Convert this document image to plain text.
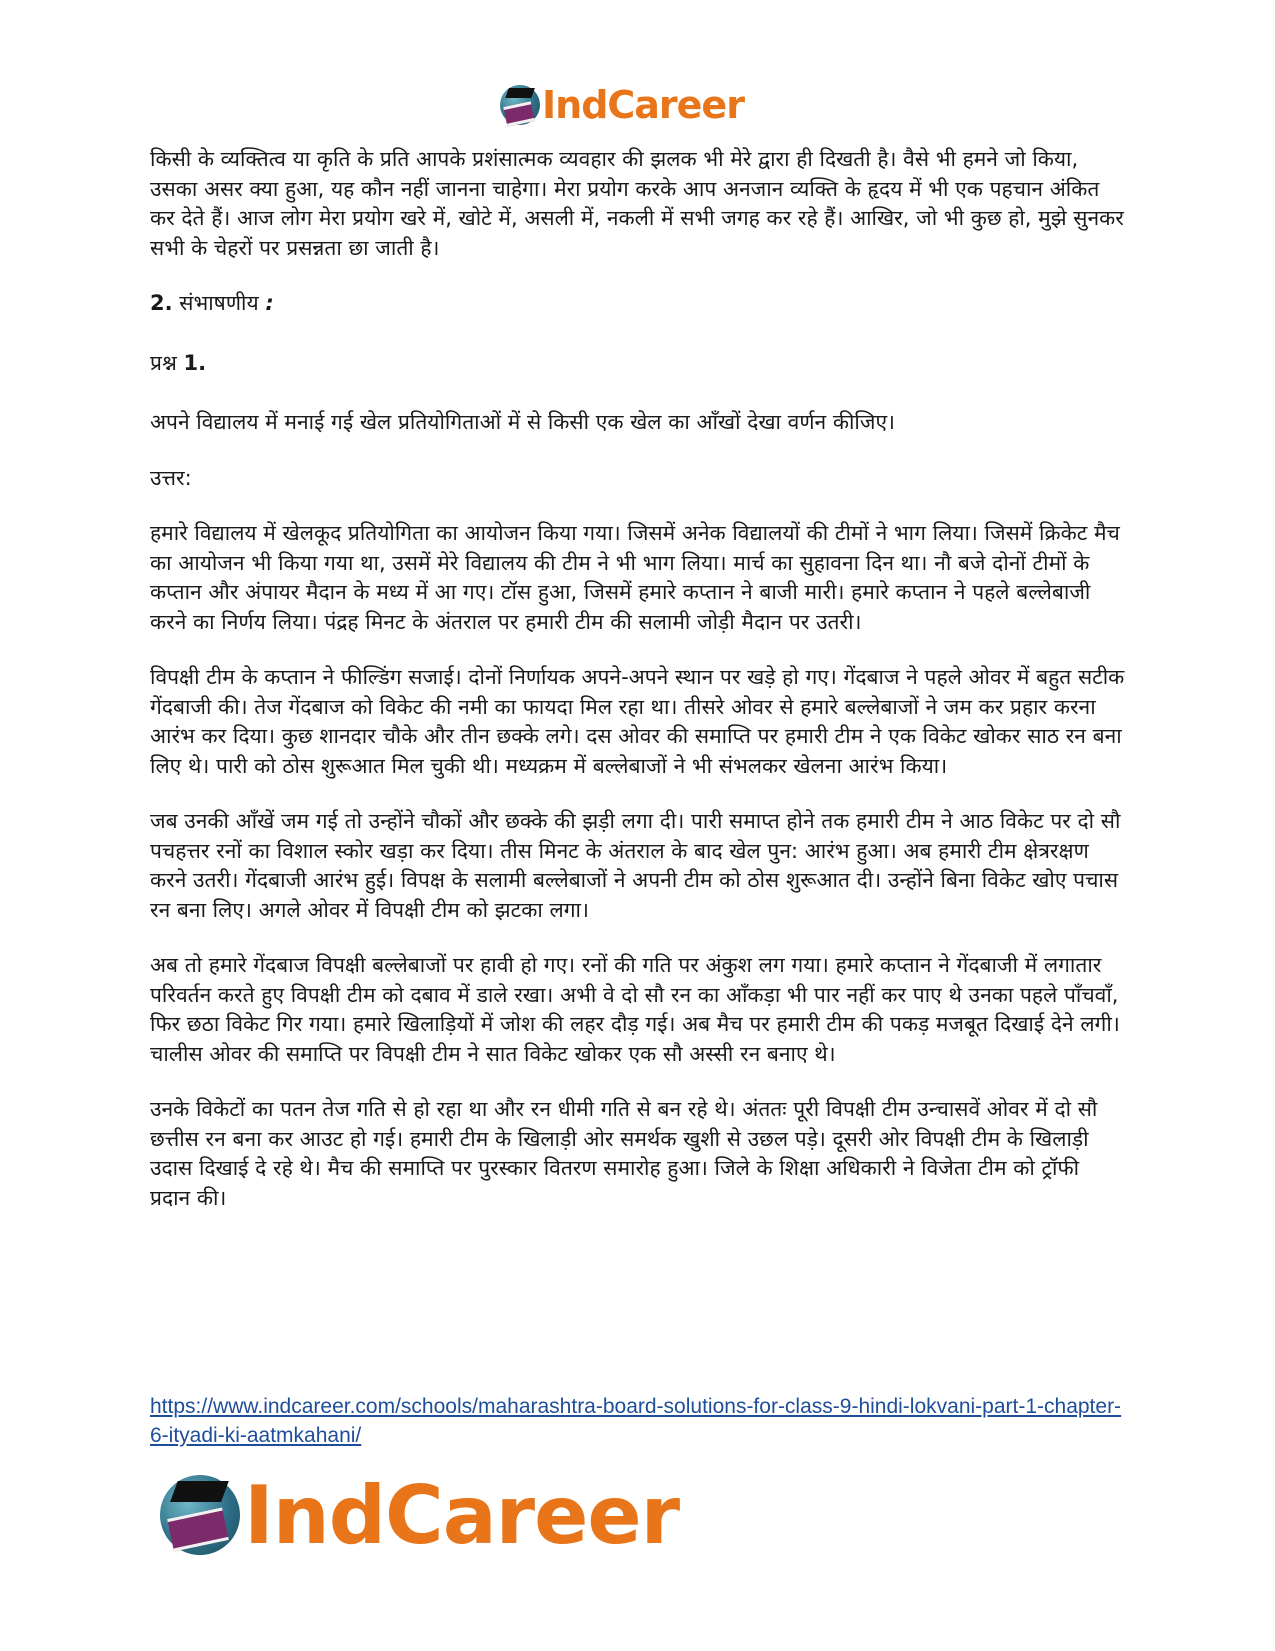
IndCareer

किसी के व्यक्तित्व या कृति के प्रति आपके प्रशंसात्मक व्यवहार की झलक भी मेरे द्वारा ही दिखती है। वैसे भी हमने जो किया, उसका असर क्या हुआ, यह कौन नहीं जानना चाहेगा। मेरा प्रयोग करके आप अनजान व्यक्ति के हृदय में भी एक पहचान अंकित कर देते हैं। आज लोग मेरा प्रयोग खरे में, खोटे में, असली में, नकली में सभी जगह कर रहे हैं। आखिर, जो भी कुछ हो, मुझे सुनकर सभी के चेहरों पर प्रसन्नता छा जाती है।

2. संभाषणीय :

प्रश्न 1.

अपने विद्यालय में मनाई गई खेल प्रतियोगिताओं में से किसी एक खेल का आँखों देखा वर्णन कीजिए।

उत्तर:

हमारे विद्यालय में खेलकूद प्रतियोगिता का आयोजन किया गया। जिसमें अनेक विद्यालयों की टीमों ने भाग लिया। जिसमें क्रिकेट मैच का आयोजन भी किया गया था, उसमें मेरे विद्यालय की टीम ने भी भाग लिया। मार्च का सुहावना दिन था। नौ बजे दोनों टीमों के कप्तान और अंपायर मैदान के मध्य में आ गए। टॉस हुआ, जिसमें हमारे कप्तान ने बाजी मारी। हमारे कप्तान ने पहले बल्लेबाजी करने का निर्णय लिया। पंद्रह मिनट के अंतराल पर हमारी टीम की सलामी जोड़ी मैदान पर उतरी।

विपक्षी टीम के कप्तान ने फील्डिंग सजाई। दोनों निर्णायक अपने-अपने स्थान पर खड़े हो गए। गेंदबाज ने पहले ओवर में बहुत सटीक गेंदबाजी की। तेज गेंदबाज को विकेट की नमी का फायदा मिल रहा था। तीसरे ओवर से हमारे बल्लेबाजों ने जम कर प्रहार करना आरंभ कर दिया। कुछ शानदार चौके और तीन छक्के लगे। दस ओवर की समाप्ति पर हमारी टीम ने एक विकेट खोकर साठ रन बना लिए थे। पारी को ठोस शुरूआत मिल चुकी थी। मध्यक्रम में बल्लेबाजों ने भी संभलकर खेलना आरंभ किया।

जब उनकी आँखें जम गई तो उन्होंने चौकों और छक्के की झड़ी लगा दी। पारी समाप्त होने तक हमारी टीम ने आठ विकेट पर दो सौ पचहत्तर रनों का विशाल स्कोर खड़ा कर दिया। तीस मिनट के अंतराल के बाद खेल पुन: आरंभ हुआ। अब हमारी टीम क्षेत्ररक्षण करने उतरी। गेंदबाजी आरंभ हुई। विपक्ष के सलामी बल्लेबाजों ने अपनी टीम को ठोस शुरूआत दी। उन्होंने बिना विकेट खोए पचास रन बना लिए। अगले ओवर में विपक्षी टीम को झटका लगा।

अब तो हमारे गेंदबाज विपक्षी बल्लेबाजों पर हावी हो गए। रनों की गति पर अंकुश लग गया। हमारे कप्तान ने गेंदबाजी में लगातार परिवर्तन करते हुए विपक्षी टीम को दबाव में डाले रखा। अभी वे दो सौ रन का आँकड़ा भी पार नहीं कर पाए थे उनका पहले पाँचवाँ, फिर छठा विकेट गिर गया। हमारे खिलाड़ियों में जोश की लहर दौड़ गई। अब मैच पर हमारी टीम की पकड़ मजबूत दिखाई देने लगी। चालीस ओवर की समाप्ति पर विपक्षी टीम ने सात विकेट खोकर एक सौ अस्सी रन बनाए थे।

उनके विकेटों का पतन तेज गति से हो रहा था और रन धीमी गति से बन रहे थे। अंततः पूरी विपक्षी टीम उन्चासवें ओवर में दो सौ छत्तीस रन बना कर आउट हो गई। हमारी टीम के खिलाड़ी ओर समर्थक खुशी से उछल पड़े। दूसरी ओर विपक्षी टीम के खिलाड़ी उदास दिखाई दे रहे थे। मैच की समाप्ति पर पुरस्कार वितरण समारोह हुआ। जिले के शिक्षा अधिकारी ने विजेता टीम को ट्रॉफी प्रदान की।

https://www.indcareer.com/schools/maharashtra-board-solutions-for-class-9-hindi-lokvani-part-1-chapter-6-ityadi-ki-aatmkahani/
IndCareer
